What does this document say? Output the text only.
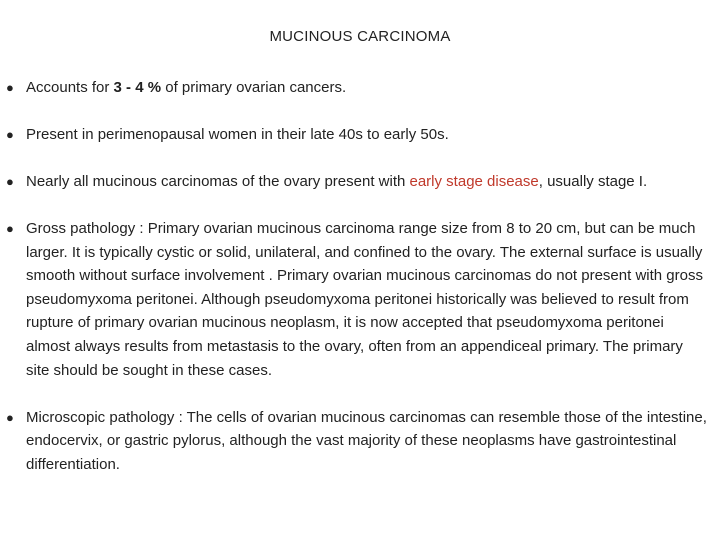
MUCINOUS CARCINOMA
● Accounts for 3 - 4 % of primary ovarian cancers.
● Present in perimenopausal women in their late 40s to early 50s.
● Nearly all mucinous carcinomas of the ovary present with early stage disease, usually stage I.
● Gross pathology : Primary ovarian mucinous carcinoma range size from 8 to 20 cm, but can be much larger. It is typically cystic or solid, unilateral, and confined to the ovary. The external surface is usually smooth without surface involvement . Primary ovarian mucinous carcinomas do not present with gross pseudomyxoma peritonei. Although pseudomyxoma peritonei historically was believed to result from rupture of primary ovarian mucinous neoplasm, it is now accepted that pseudomyxoma peritonei almost always results from metastasis to the ovary, often from an appendiceal primary. The primary site should be sought in these cases.
● Microscopic pathology : The cells of ovarian mucinous carcinomas can resemble those of the intestine, endocervix, or gastric pylorus, although the vast majority of these neoplasms have gastrointestinal differentiation.
